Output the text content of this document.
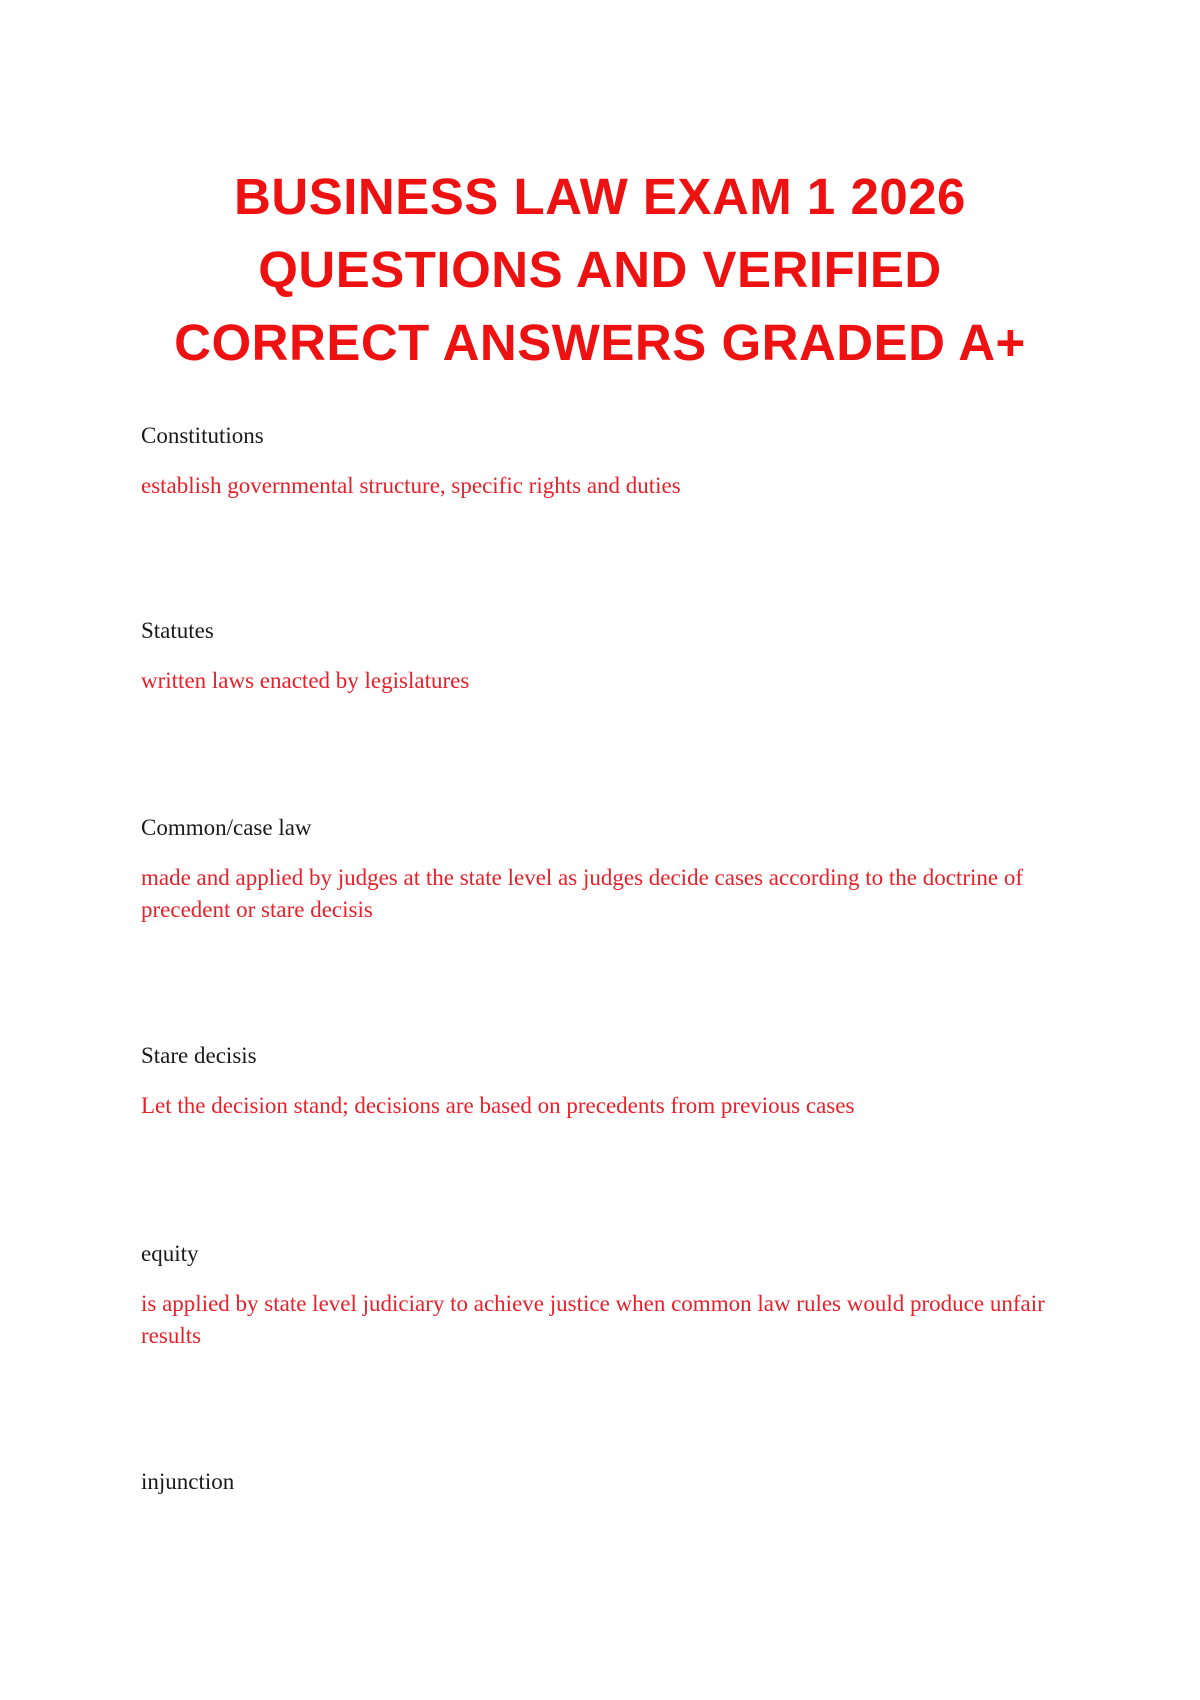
BUSINESS LAW EXAM 1 2026
QUESTIONS AND VERIFIED
CORRECT ANSWERS GRADED A+

Constitutions

establish governmental structure, specific rights and duties

Statutes

written laws enacted by legislatures

Common/case law

made and applied by judges at the state level as judges decide cases according to the doctrine of precedent or stare decisis

Stare decisis

Let the decision stand; decisions are based on precedents from previous cases

equity

is applied by state level judiciary to achieve justice when common law rules would produce unfair results

injunction
